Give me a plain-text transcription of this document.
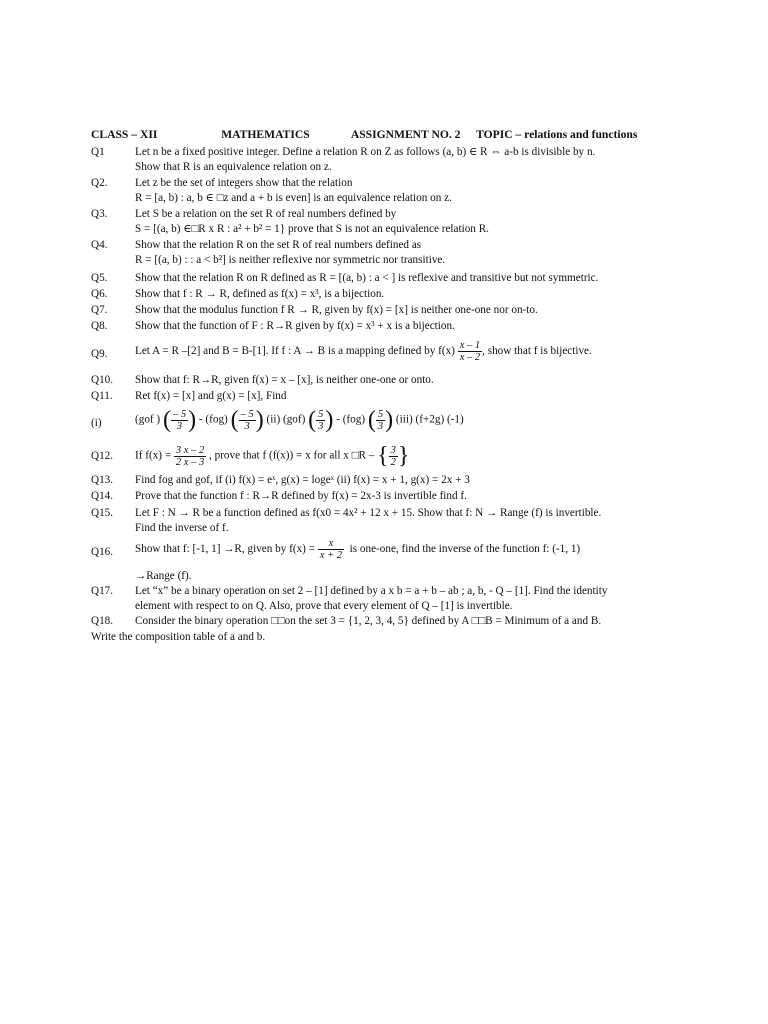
CLASS – XII	MATHEMATICS	ASSIGNMENT NO. 2 TOPIC – relations and functions
Q1	Let n be a fixed positive integer. Define a relation R on Z as follows (a, b) ∈ R ⇔ a-b is divisible by n.
Show that R is an equivalence relation on z.
Q2. Let z be the set of integers show that the relation
R = [a, b) : a, b ∈ □z and a + b is even] is an equivalence relation on z.
Q3. Let S be a relation on the set R of real numbers defined by
S = [(a, b) ∈□R x R : a² + b² = 1} prove that S is not an equivalence relation R.
Q4. Show that the relation R on the set R of real numbers defined as
R = [(a, b) : : a < b²] is neither reflexive nor symmetric nor transitive.
Q5. Show that the relation R on R defined as R = [(a, b) : a < ] is reflexive and transitive but not symmetric.
Q6. Show that f : R → R, defined as f(x) = x³, is a bijection.
Q7. Show that the modulus function f R → R, given by f(x) = [x] is neither one-one nor on-to.
Q8. Show that the function of F : R→R given by f(x) = x³ + x is a bijection.
Q10. Show that f: R→R, given f(x) = x – [x], is neither one-one or onto.
Q11. Ret f(x) = [x] and g(x) = [x], Find
Q13. Find fog and gof, if (i) f(x) = eˣ, g(x) = logeˣ (ii) f(x) = x + 1, g(x) = 2x + 3
Q14. Prove that the function f : R→R defined by f(x) = 2x-3 is invertible find f.
Q15. Let F : N → R be a function defined as f(x0 = 4x² + 12 x + 15. Show that f: N → Range (f) is invertible.
Find the inverse of f.
Q17. Let “x” be a binary operation on set 2 – [1] defined by a x b = a + b – ab ; a, b, - Q – [1]. Find the identity
element with respect to on Q. Also, prove that every element of Q – [1] is invertible.
Q18. Consider the binary operation □□on the set 3 = {1, 2, 3, 4, 5} defined by A □□B = Minimum of a and B.
Q9. Let A = R –[2] and B = B-[1]. If f : A → B is a mapping defined by $f(x) \frac{x - 1}{x - 2}$ , show that f is bijective.
(i)	(gof ) ( $\frac{- 5}{3}$ ) - (fog) ( $\frac{- 5}{3}$ ) (ii) (gof) ( $\frac{5}{3}$ ) - (fog) ( $\frac{5}{3}$ ) (iii) (f+2g) (-1)
Q12. If $f(x) = \frac{3 x - 2}{2 x - 3}$ , prove that f (f(x)) = x for all x □R – { $\frac{3}{2}$ }
Q16. Show that f: [-1, 1] →R, given by $f(x) = \frac{x}{x + 2}$ is one-one, find the inverse of the function f: (-1, 1)
→Range (f).
Write the composition table of a and b.
